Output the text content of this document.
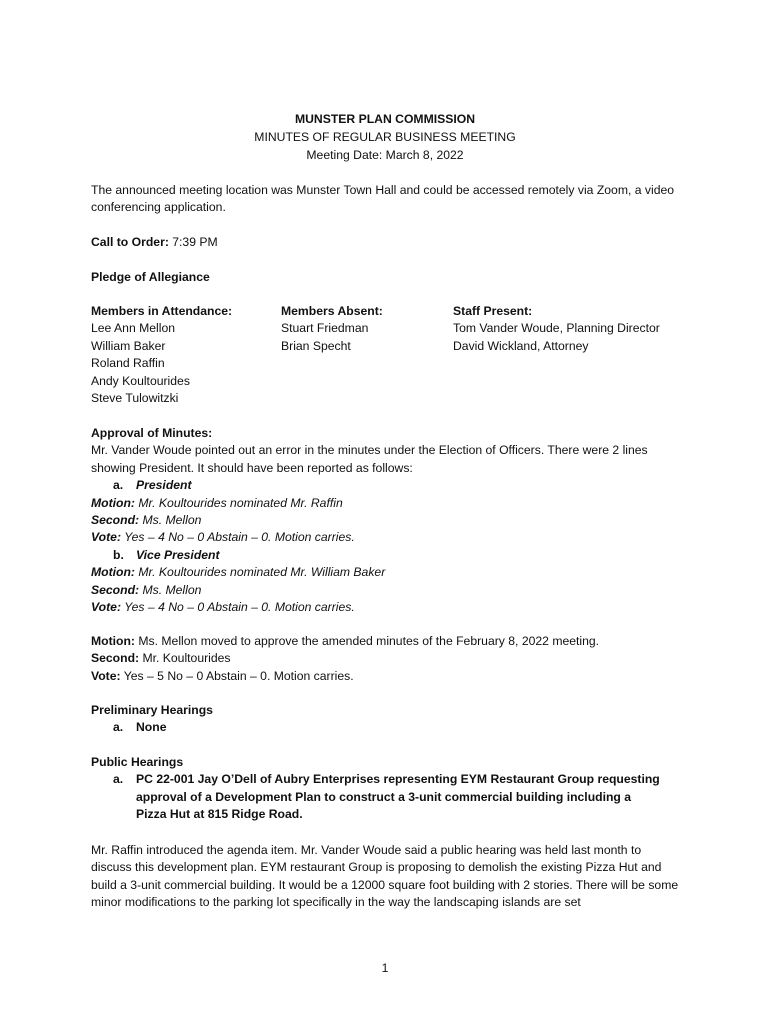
MUNSTER PLAN COMMISSION
MINUTES OF REGULAR BUSINESS MEETING
Meeting Date: March 8, 2022
The announced meeting location was Munster Town Hall and could be accessed remotely via Zoom, a video conferencing application.
Call to Order: 7:39 PM
Pledge of Allegiance
Members in Attendance:
Lee Ann Mellon
William Baker
Roland Raffin
Andy Koultourides
Steve Tulowitzki
Members Absent:
Stuart Friedman
Brian Specht
Staff Present:
Tom Vander Woude, Planning Director
David Wickland, Attorney
Approval of Minutes:
Mr. Vander Woude pointed out an error in the minutes under the Election of Officers. There were 2 lines showing President. It should have been reported as follows:
a. President
Motion: Mr. Koultourides nominated Mr. Raffin
Second: Ms. Mellon
Vote: Yes – 4 No – 0 Abstain – 0. Motion carries.
b. Vice President
Motion: Mr. Koultourides nominated Mr. William Baker
Second: Ms. Mellon
Vote: Yes – 4 No – 0 Abstain – 0. Motion carries.
Motion: Ms. Mellon moved to approve the amended minutes of the February 8, 2022 meeting.
Second: Mr. Koultourides
Vote: Yes – 5 No – 0 Abstain – 0. Motion carries.
Preliminary Hearings
a. None
Public Hearings
a. PC 22-001 Jay O’Dell of Aubry Enterprises representing EYM Restaurant Group requesting approval of a Development Plan to construct a 3-unit commercial building including a Pizza Hut at 815 Ridge Road.
Mr. Raffin introduced the agenda item. Mr. Vander Woude said a public hearing was held last month to discuss this development plan. EYM restaurant Group is proposing to demolish the existing Pizza Hut and build a 3-unit commercial building. It would be a 12000 square foot building with 2 stories. There will be some minor modifications to the parking lot specifically in the way the landscaping islands are set
1
